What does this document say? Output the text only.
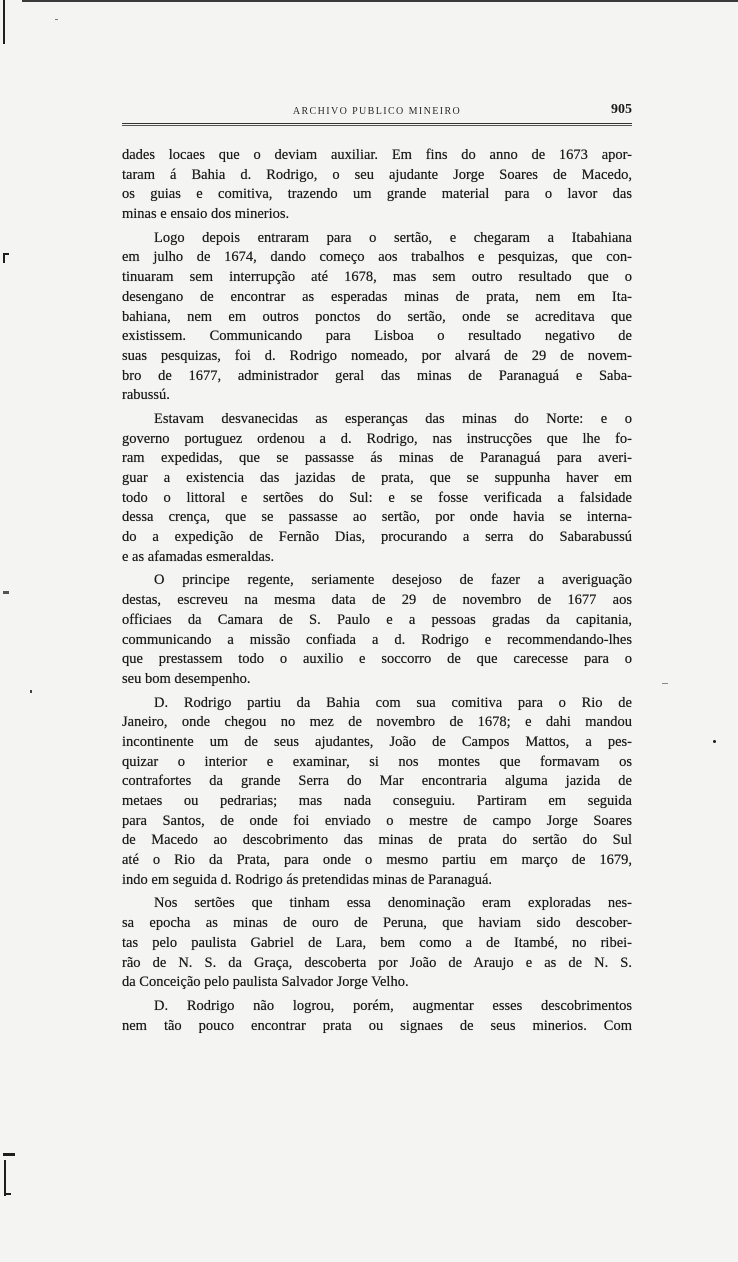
ARCHIVO PUBLICO MINEIRO	905
dades locaes que o deviam auxiliar. Em fins do anno de 1673 apor-
taram á Bahia d. Rodrigo, o seu ajudante Jorge Soares de Macedo,
os guias e comitiva, trazendo um grande material para o lavor das
minas e ensaio dos minerios.
Logo depois entraram para o sertão, e chegaram a Itabahiana
em julho de 1674, dando começo aos trabalhos e pesquizas, que con-
tinuaram sem interrupção até 1678, mas sem outro resultado que o
desengano de encontrar as esperadas minas de prata, nem em Ita-
bahiana, nem em outros ponctos do sertão, onde se acreditava que
existissem. Communicando para Lisboa o resultado negativo de
suas pesquizas, foi d. Rodrigo nomeado, por alvará de 29 de novem-
bro de 1677, administrador geral das minas de Paranaguá e Saba-
rabussú.
Estavam desvanecidas as esperanças das minas do Norte: e o
governo portuguez ordenou a d. Rodrigo, nas instrucções que lhe fo-
ram expedidas, que se passasse ás minas de Paranaguá para averi-
guar a existencia das jazidas de prata, que se suppunha haver em
todo o littoral e sertões do Sul: e se fosse verificada a falsidade
dessa crença, que se passasse ao sertão, por onde havia se interna-
do a expedição de Fernão Dias, procurando a serra do Sabarabussú
e as afamadas esmeraldas.
O principe regente, seriamente desejoso de fazer a averiguação
destas, escreveu na mesma data de 29 de novembro de 1677 aos
officiaes da Camara de S. Paulo e a pessoas gradas da capitania,
communicando a missão confiada a d. Rodrigo e recommendando-lhes
que prestassem todo o auxilio e soccorro de que carecesse para o
seu bom desempenho.
D. Rodrigo partiu da Bahia com sua comitiva para o Rio de
Janeiro, onde chegou no mez de novembro de 1678; e dahi mandou
incontinente um de seus ajudantes, João de Campos Mattos, a pes-
quizar o interior e examinar, si nos montes que formavam os
contrafortes da grande Serra do Mar encontraria alguma jazida de
metaes ou pedrarias; mas nada conseguiu. Partiram em seguida
para Santos, de onde foi enviado o mestre de campo Jorge Soares
de Macedo ao descobrimento das minas de prata do sertão do Sul
até o Rio da Prata, para onde o mesmo partiu em março de 1679,
indo em seguida d. Rodrigo ás pretendidas minas de Paranaguá.
Nos sertões que tinham essa denominação eram exploradas nes-
sa epocha as minas de ouro de Peruna, que haviam sido descober-
tas pelo paulista Gabriel de Lara, bem como a de Itambé, no ribei-
rão de N. S. da Graça, descoberta por João de Araujo e as de N. S.
da Conceição pelo paulista Salvador Jorge Velho.
D. Rodrigo não logrou, porém, augmentar esses descobrimentos
nem tão pouco encontrar prata ou signaes de seus minerios. Com
